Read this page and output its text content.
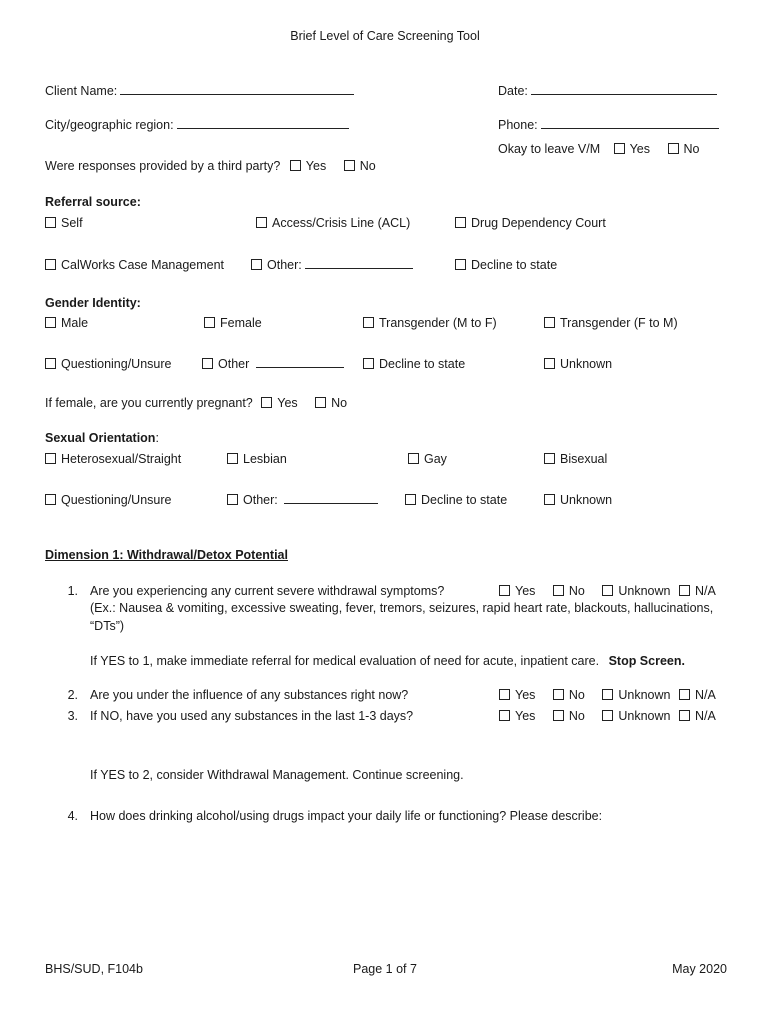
Brief Level of Care Screening Tool
Client Name:	Date:
City/geographic region:	Phone:
Okay to leave V/M Yes	No
Were responses provided by a third party? Yes	No
Referral source:
Self	Access/Crisis Line (ACL)	Drug Dependency Court
CalWorks Case Management	Other:	Decline to state
Gender Identity:
Male	Female	Transgender (M to F)	Transgender (F to M)
Questioning/Unsure	Other	Decline to state	Unknown
If female, are you currently pregnant? Yes	No
Sexual Orientation:
Heterosexual/Straight	Lesbian	Gay	Bisexual
Questioning/Unsure	Other:	Decline to state	Unknown
Dimension 1: Withdrawal/Detox Potential
1. Are you experiencing any current severe withdrawal symptoms?	Yes	No	Unknown N/A
(Ex.: Nausea & vomiting, excessive sweating, fever, tremors, seizures, rapid heart rate, blackouts, hallucinations,
“DTs”)
If YES to 1, make immediate referral for medical evaluation of need for acute, inpatient care. Stop Screen.
2. Are you under the influence of any substances right now?	Yes	No	Unknown N/A
3. If NO, have you used any substances in the last 1-3 days?	Yes	No	Unknown N/A
If YES to 2, consider Withdrawal Management. Continue screening.
4. How does drinking alcohol/using drugs impact your daily life or functioning? Please describe:
BHS/SUD, F104b	Page 1 of 7	May 2020
